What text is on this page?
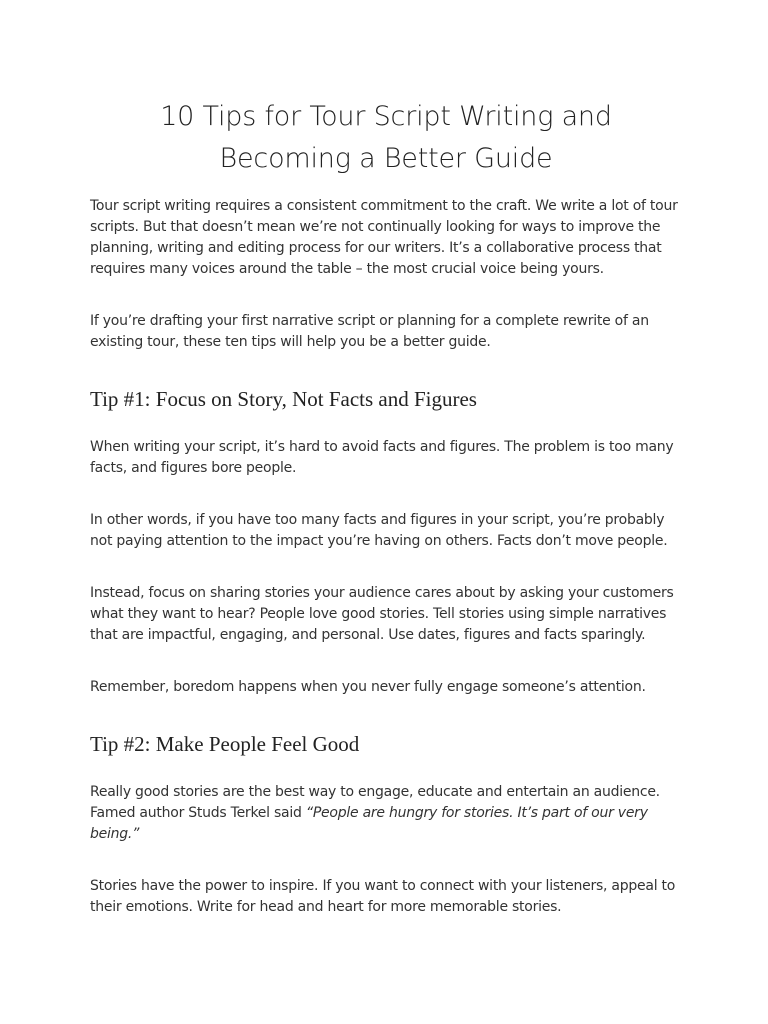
10 Tips for Tour Script Writing and
Becoming a Better Guide

Tour script writing requires a consistent commitment to the craft. We write a lot of tour scripts. But that doesn’t mean we’re not continually looking for ways to improve the planning, writing and editing process for our writers. It’s a collaborative process that requires many voices around the table – the most crucial voice being yours.

If you’re drafting your first narrative script or planning for a complete rewrite of an existing tour, these ten tips will help you be a better guide.

Tip #1: Focus on Story, Not Facts and Figures

When writing your script, it’s hard to avoid facts and figures. The problem is too many facts, and figures bore people.

In other words, if you have too many facts and figures in your script, you’re probably not paying attention to the impact you’re having on others. Facts don’t move people.

Instead, focus on sharing stories your audience cares about by asking your customers what they want to hear? People love good stories. Tell stories using simple narratives that are impactful, engaging, and personal. Use dates, figures and facts sparingly.

Remember, boredom happens when you never fully engage someone’s attention.

Tip #2: Make People Feel Good

Really good stories are the best way to engage, educate and entertain an audience. Famed author Studs Terkel said “People are hungry for stories. It’s part of our very being.”

Stories have the power to inspire. If you want to connect with your listeners, appeal to their emotions. Write for head and heart for more memorable stories.
